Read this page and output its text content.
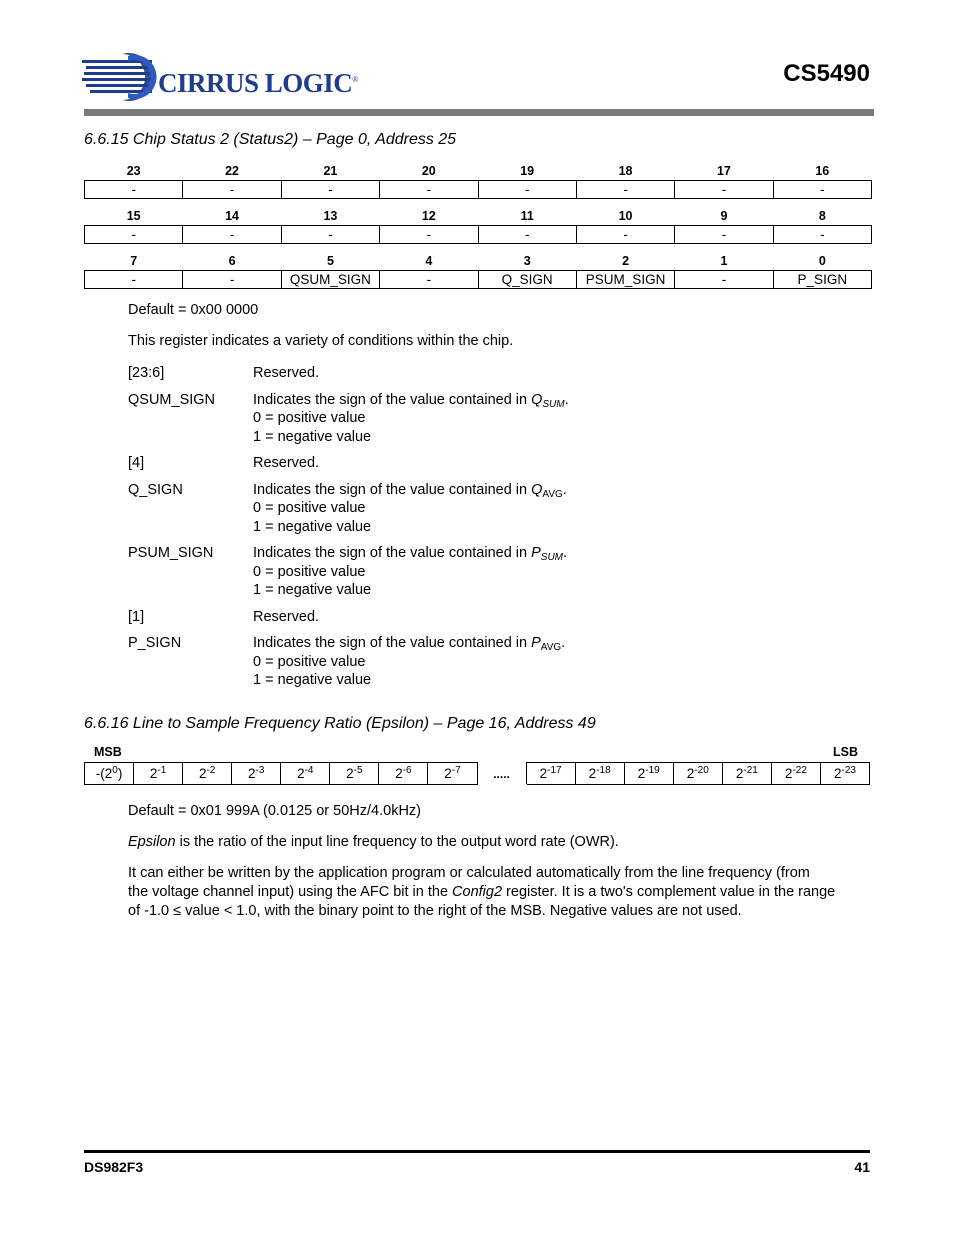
CIRRUS LOGIC®	CS5490
6.6.15 Chip Status 2 (Status2) – Page 0, Address 25
23	22	21	20	19	18	17	16
-	-	-	-	-	-	-	-

15	14	13	12	11	10	9	8
-	-	-	-	-	-	-	-

7	6	5	4	3	2	1	0
-	-	QSUM_SIGN	-	Q_SIGN	PSUM_SIGN	-	P_SIGN
Default = 0x00 0000
This register indicates a variety of conditions within the chip.
[23:6]	Reserved.
QSUM_SIGN	Indicates the sign of the value contained in $Q_{SUM}$.
0 = positive value
1 = negative value
[4]	Reserved.
Q_SIGN	Indicates the sign of the value contained in $Q_{AVG}$.
0 = positive value
1 = negative value
PSUM_SIGN	Indicates the sign of the value contained in $P_{SUM}$.
0 = positive value
1 = negative value
[1]	Reserved.
P_SIGN	Indicates the sign of the value contained in $P_{AVG}$.
0 = positive value
1 = negative value
6.6.16 Line to Sample Frequency Ratio (Epsilon) – Page 16, Address 49
MSB	LSB
$-(2^0)$	$2^{-1}$	$2^{-2}$	$2^{-3}$	$2^{-4}$	$2^{-5}$	$2^{-6}$	$2^{-7}$	.....	$2^{-17}$	$2^{-18}$	$2^{-19}$	$2^{-20}$	$2^{-21}$	$2^{-22}$	$2^{-23}$
Default = 0x01 999A (0.0125 or 50Hz/4.0kHz)
Epsilon is the ratio of the input line frequency to the output word rate (OWR).
It can either be written by the application program or calculated automatically from the line frequency (from
the voltage channel input) using the AFC bit in the Config2 register. It is a two's complement value in the range
of -1.0 ≤ value < 1.0, with the binary point to the right of the MSB. Negative values are not used.
DS982F3	41
